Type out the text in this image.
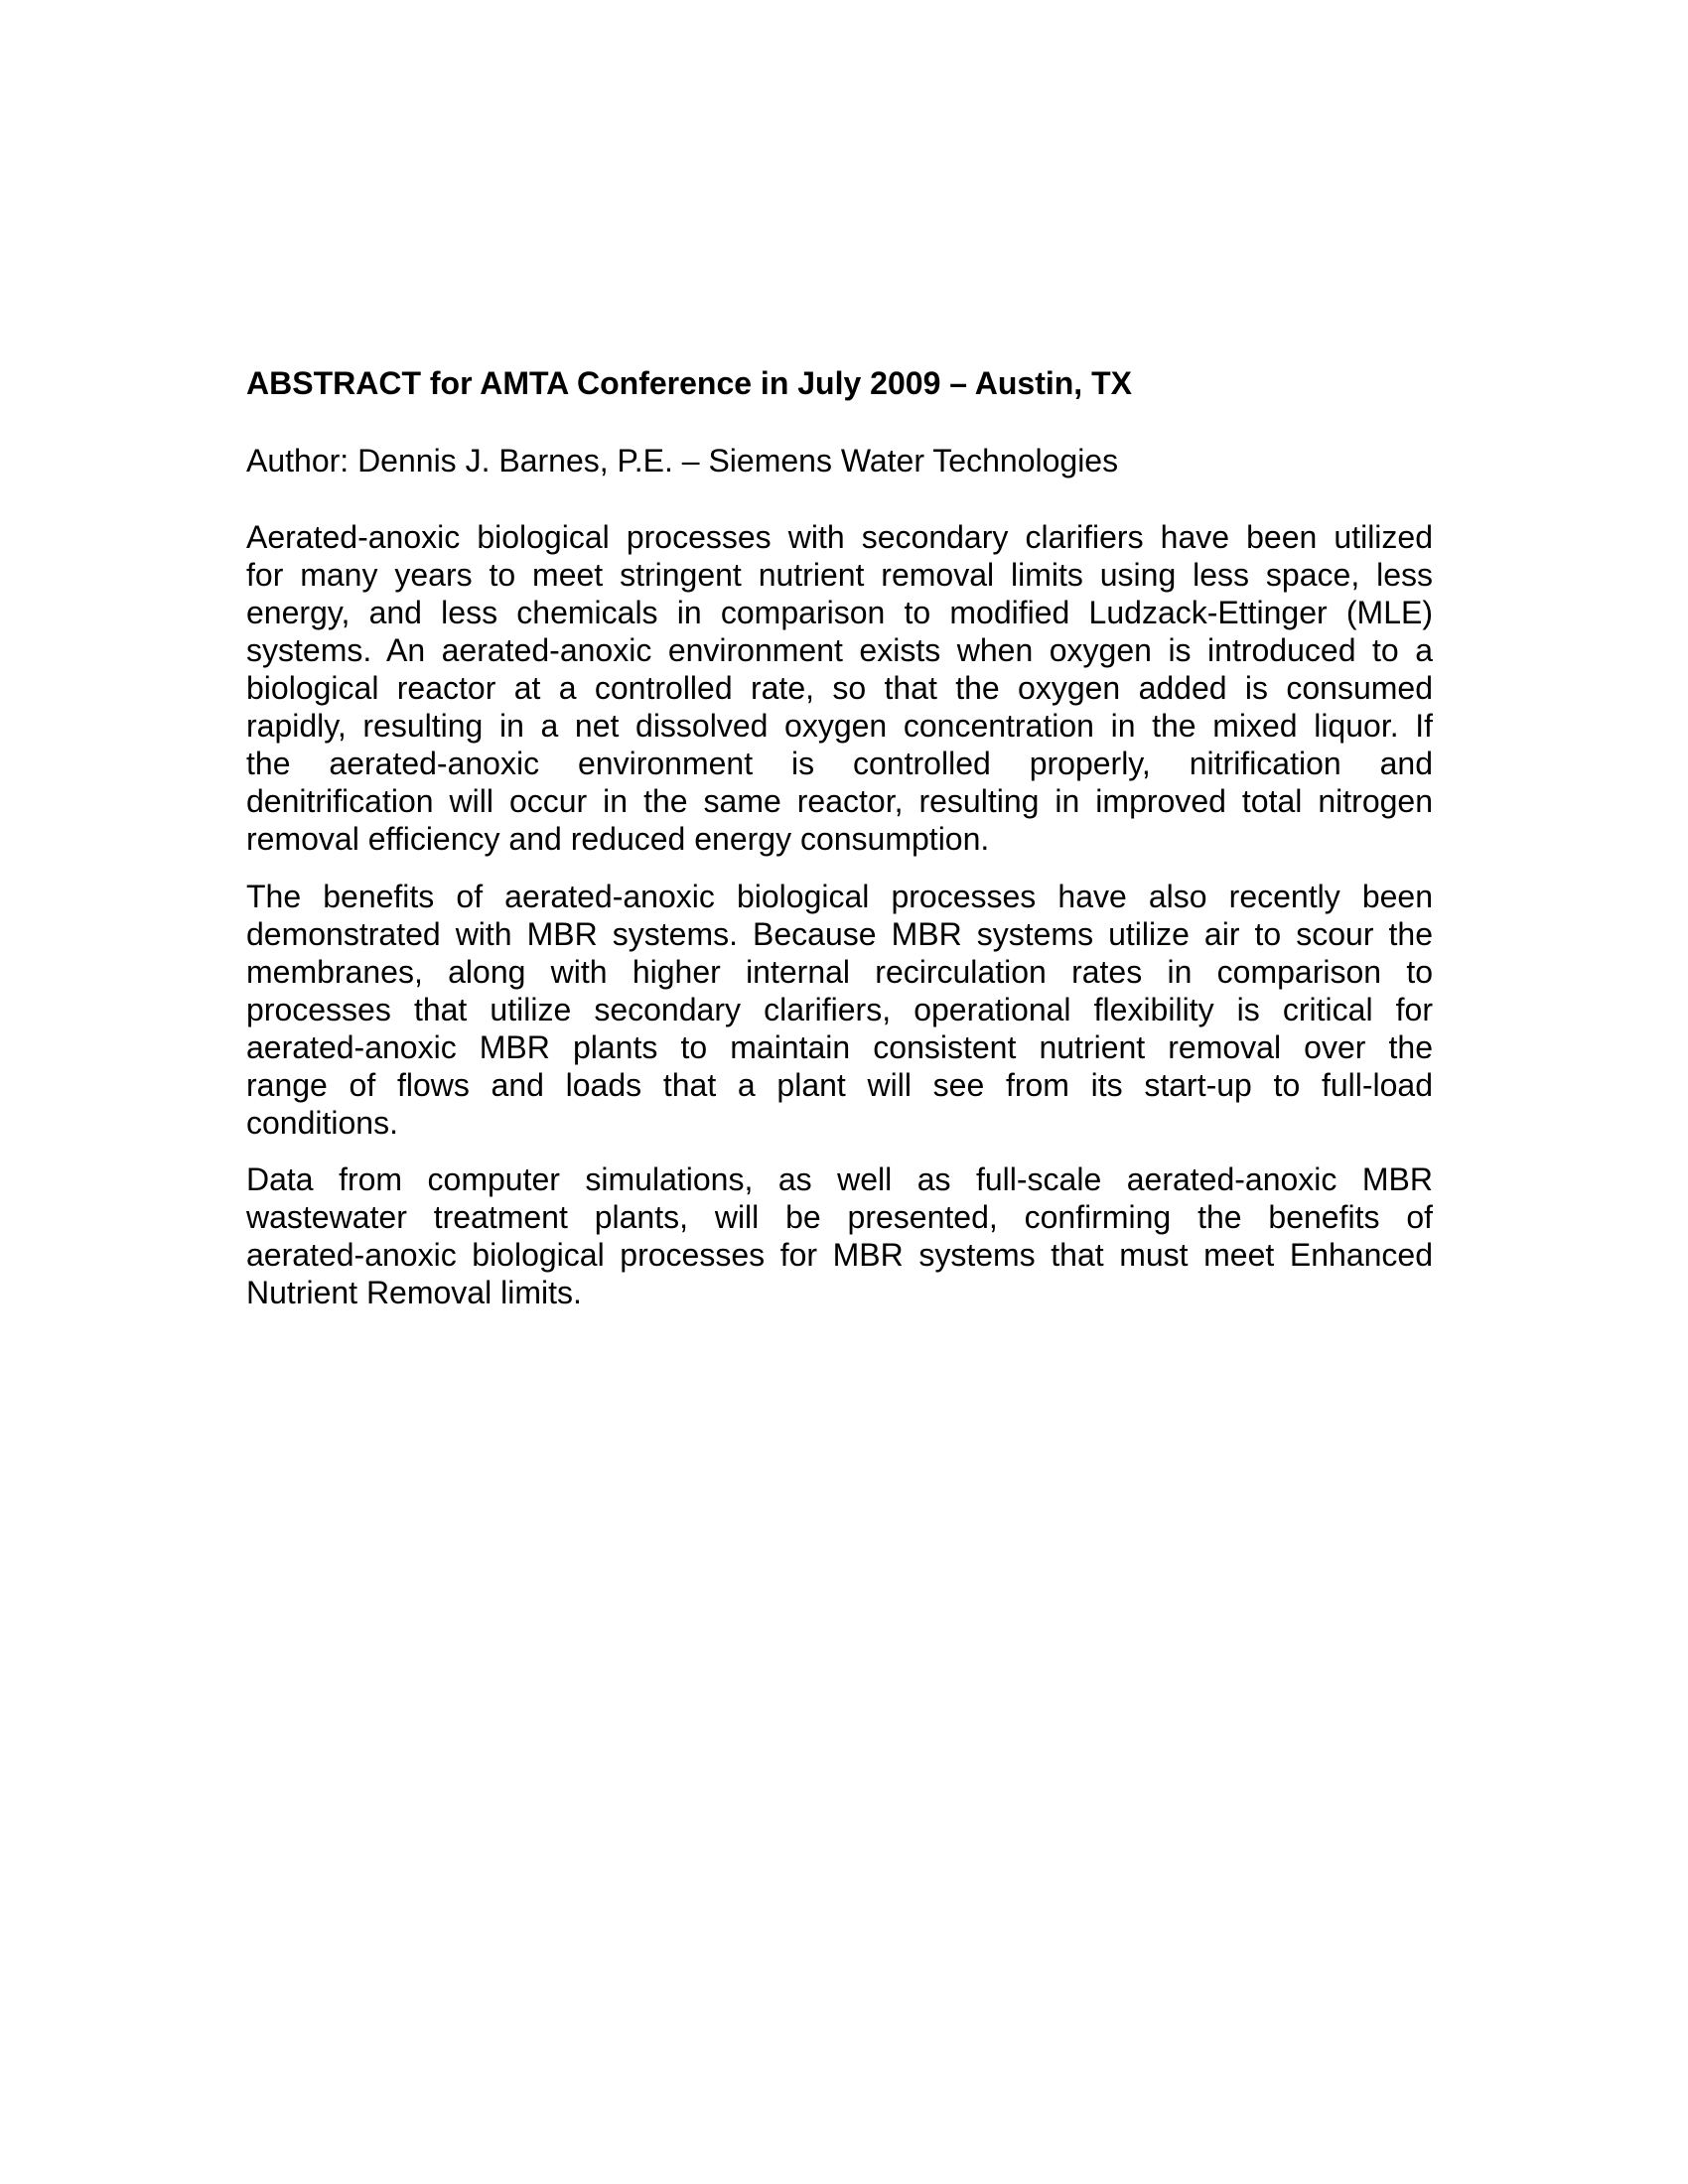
ABSTRACT for AMTA Conference in July 2009 – Austin, TX
Author: Dennis J. Barnes, P.E. – Siemens Water Technologies
Aerated-anoxic biological processes with secondary clarifiers have been utilized
for many years to meet stringent nutrient removal limits using less space, less
energy, and less chemicals in comparison to modified Ludzack-Ettinger (MLE)
systems. An aerated-anoxic environment exists when oxygen is introduced to a
biological reactor at a controlled rate, so that the oxygen added is consumed
rapidly, resulting in a net dissolved oxygen concentration in the mixed liquor. If
the aerated-anoxic environment is controlled properly, nitrification and
denitrification will occur in the same reactor, resulting in improved total nitrogen
removal efficiency and reduced energy consumption.
The benefits of aerated-anoxic biological processes have also recently been
demonstrated with MBR systems. Because MBR systems utilize air to scour the
membranes, along with higher internal recirculation rates in comparison to
processes that utilize secondary clarifiers, operational flexibility is critical for
aerated-anoxic MBR plants to maintain consistent nutrient removal over the
range of flows and loads that a plant will see from its start-up to full-load
conditions.
Data from computer simulations, as well as full-scale aerated-anoxic MBR
wastewater treatment plants, will be presented, confirming the benefits of
aerated-anoxic biological processes for MBR systems that must meet Enhanced
Nutrient Removal limits.
